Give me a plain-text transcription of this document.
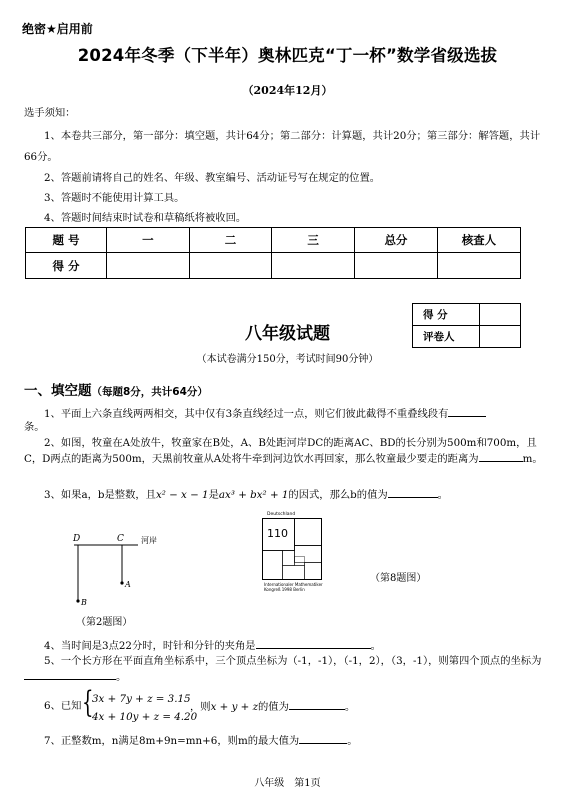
绝密★启用前
2024年冬季（下半年）奥林匹克“丁一杯”数学省级选拔
（2024年12月）
选手须知：
1、本卷共三部分，第一部分：填空题，共计64分；第二部分：计算题，共计20分；第三部分：解答题，共计66分。
2、答题前请将自己的姓名、年级、教室编号、活动证号写在规定的位置。
3、答题时不能使用计算工具。
4、答题时间结束时试卷和草稿纸将被收回。
题 号	一	二	三	总分	核查人
得 分					
得 分	
评卷人	
八年级试题
（本试卷满分150分，考试时间90分钟）
一、填空题（每题8分，共计64分）
1、平面上六条直线两两相交，其中仅有3条直线经过一点，则它们彼此截得不重叠线段有
条。
2、如图，牧童在A处放牛，牧童家在B处，A、B处距河岸DC的距离AC、BD的长分别为500m和700m，且C，D两点的距离为500m，天黑前牧童从A处将牛牵到河边饮水再回家，那么牧童最少要走的距离为	m。
3、如果a，b是整数，且x² − x − 1是ax³ + bx² + 1的因式，那么b的值为	。
D	C 河岸
A
B
（第2题图）
Deutschland
110
Internationaler Mathematiker
Kongreß 1998 Berlin
（第8题图）
4、当时间是3点22分时，时针和分针的夹角是	。
5、一个长方形在平面直角坐标系中，三个顶点坐标为（-1，-1），（-1，2），（3，-1），则第四个顶点的坐标为。
6、已知 {
3x + 7y + z = 3.15
4x + 10y + z = 4.20
，则x + y + z的值为	。
7、正整数m，n满足8m+9n=mn+6，则m的最大值为	。
八年级　第1页
